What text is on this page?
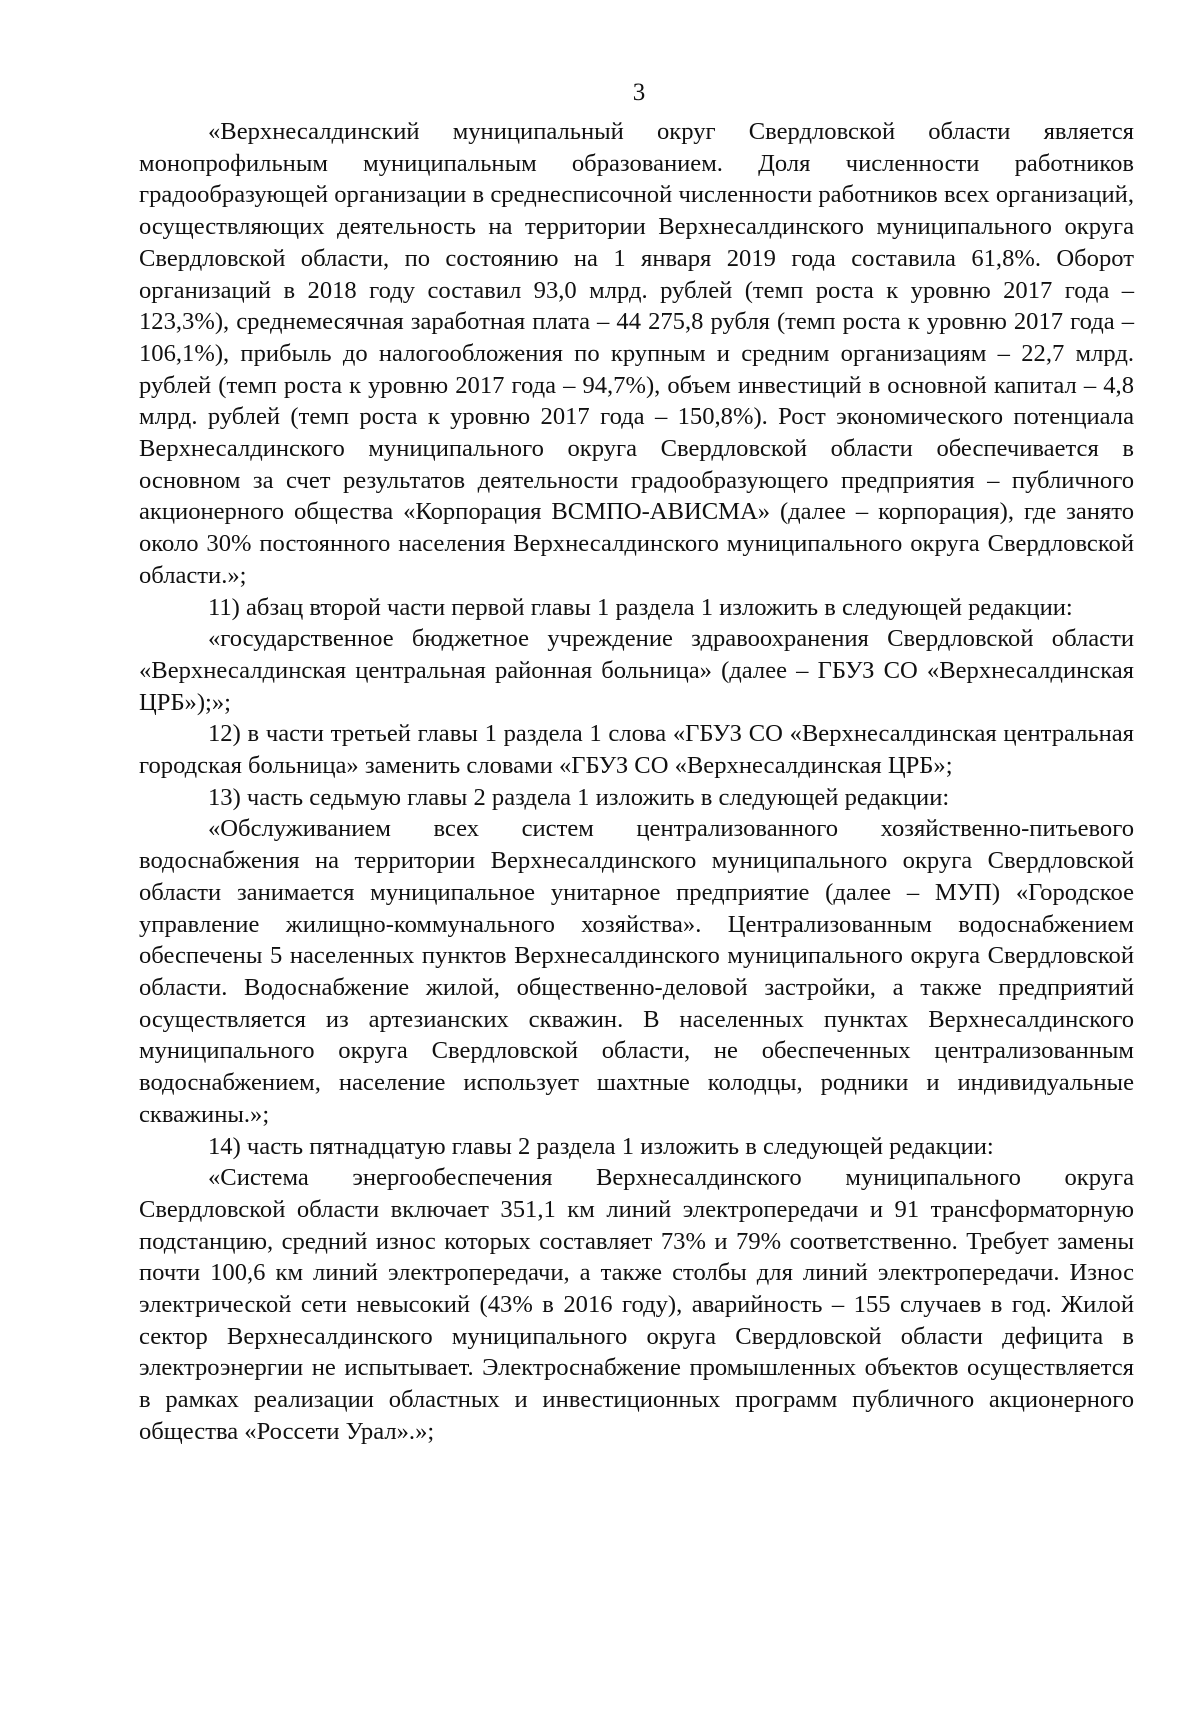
3

«Верхнесалдинский муниципальный округ Свердловской области является монопрофильным муниципальным образованием. Доля численности работников градообразующей организации в среднесписочной численности работников всех организаций, осуществляющих деятельность на территории Верхнесалдинского муниципального округа Свердловской области, по состоянию на 1 января 2019 года составила 61,8%. Оборот организаций в 2018 году составил 93,0 млрд. рублей (темп роста к уровню 2017 года – 123,3%), среднемесячная заработная плата – 44 275,8 рубля (темп роста к уровню 2017 года – 106,1%), прибыль до налогообложения по крупным и средним организациям – 22,7 млрд. рублей (темп роста к уровню 2017 года – 94,7%), объем инвестиций в основной капитал – 4,8 млрд. рублей (темп роста к уровню 2017 года – 150,8%). Рост экономического потенциала Верхнесалдинского муниципального округа Свердловской области обеспечивается в основном за счет результатов деятельности градообразующего предприятия – публичного акционерного общества «Корпорация ВСМПО-АВИСМА» (далее – корпорация), где занято около 30% постоянного населения Верхнесалдинского муниципального округа Свердловской области.»;

11) абзац второй части первой главы 1 раздела 1 изложить в следующей редакции:

«государственное бюджетное учреждение здравоохранения Свердловской области «Верхнесалдинская центральная районная больница» (далее – ГБУЗ СО «Верхнесалдинская ЦРБ»);»;

12) в части третьей главы 1 раздела 1 слова «ГБУЗ СО «Верхнесалдинская центральная городская больница» заменить словами «ГБУЗ СО «Верхнесалдинская ЦРБ»;

13) часть седьмую главы 2 раздела 1 изложить в следующей редакции:

«Обслуживанием всех систем централизованного хозяйственно-питьевого водоснабжения на территории Верхнесалдинского муниципального округа Свердловской области занимается муниципальное унитарное предприятие (далее – МУП) «Городское управление жилищно-коммунального хозяйства». Централизованным водоснабжением обеспечены 5 населенных пунктов Верхнесалдинского муниципального округа Свердловской области. Водоснабжение жилой, общественно-деловой застройки, а также предприятий осуществляется из артезианских скважин. В населенных пунктах Верхнесалдинского муниципального округа Свердловской области, не обеспеченных централизованным водоснабжением, население использует шахтные колодцы, родники и индивидуальные скважины.»;

14) часть пятнадцатую главы 2 раздела 1 изложить в следующей редакции:

«Система энергообеспечения Верхнесалдинского муниципального округа Свердловской области включает 351,1 км линий электропередачи и 91 трансформаторную подстанцию, средний износ которых составляет 73% и 79% соответственно. Требует замены почти 100,6 км линий электропередачи, а также столбы для линий электропередачи. Износ электрической сети невысокий (43% в 2016 году), аварийность – 155 случаев в год. Жилой сектор Верхнесалдинского муниципального округа Свердловской области дефицита в электроэнергии не испытывает. Электроснабжение промышленных объектов осуществляется в рамках реализации областных и инвестиционных программ публичного акционерного общества «Россети Урал».»;
